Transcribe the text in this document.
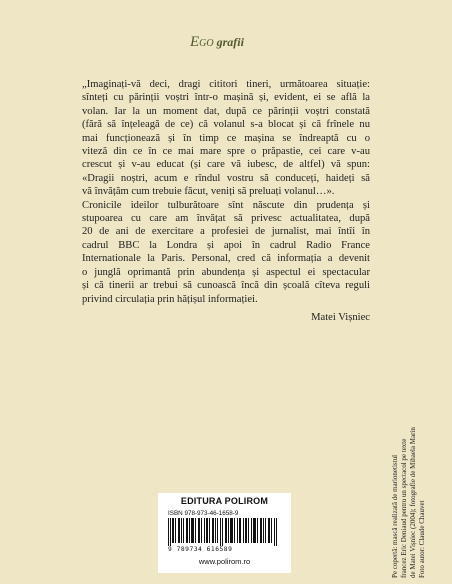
EGO grafii
„Imaginați-vă deci, dragi cititori tineri, următoarea situație:
sînteți cu părinții voștri într-o mașină și, evident, ei se află la
volan. Iar la un moment dat, după ce părinții voștri constată
(fără să înțeleagă de ce) că volanul s-a blocat și că frînele nu
mai funcționează și în timp ce mașina se îndreaptă cu o
viteză din ce în ce mai mare spre o prăpastie, cei care v-au
crescut și v-au educat (și care vă iubesc, de altfel) vă spun:
«Dragii noștri, acum e rîndul vostru să conduceți, haideți să
vă învățăm cum trebuie făcut, veniți să preluați volanul…».
Cronicile ideilor tulburătoare sînt născute din prudența și
stupoarea cu care am învățat să privesc actualitatea, după
20 de ani de exercitare a profesiei de jurnalist, mai întîi în
cadrul BBC la Londra și apoi în cadrul Radio France
Internationale la Paris. Personal, cred că informația a devenit
o junglă oprimantă prin abundența și aspectul ei spectacular
și că tinerii ar trebui să cunoască încă din școală cîteva reguli
privind circulația prin hățișul informației.
Matei Vișniec
EDITURA POLIROM
ISBN 978-973-46-1658-9
9 789734 616589
www.polirom.ro	Pe copertă: mască realizată de marionetistul francez Eric Deniaud pentru un spectacol pe texte de Matei Vișniec (2004); fotografie de Mihaela Marin Foto autor: Claude Chauvet
